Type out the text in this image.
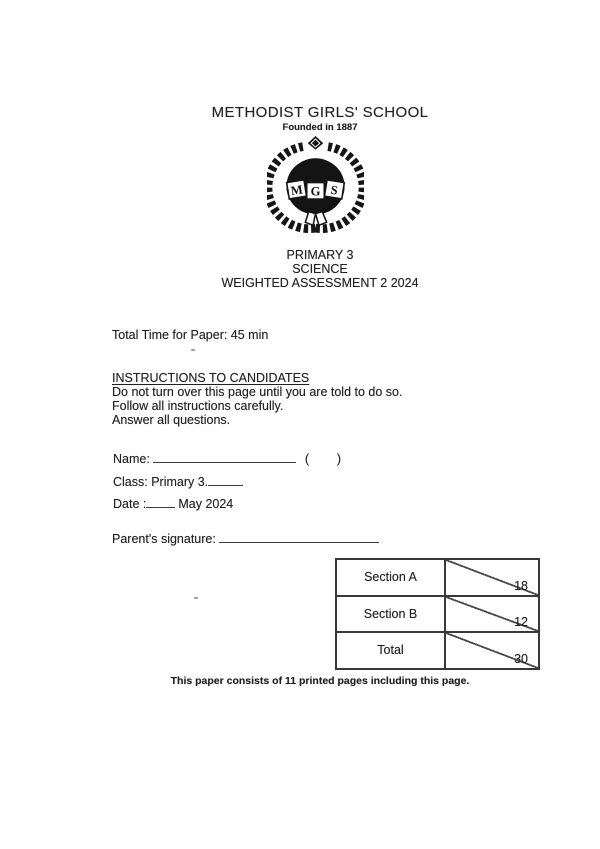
METHODIST GIRLS' SCHOOL
Founded in 1887
M G S
PRIMARY 3
SCIENCE
WEIGHTED ASSESSMENT 2 2024
Total Time for Paper: 45 min
INSTRUCTIONS TO CANDIDATES
Do not turn over this page until you are told to do so.
Follow all instructions carefully.
Answer all questions.
Name:	(      )
Class: Primary 3.
Date :	May 2024
Parent's signature:
Section A	18

Section B	12

Total	30
This paper consists of 11 printed pages including this page.
